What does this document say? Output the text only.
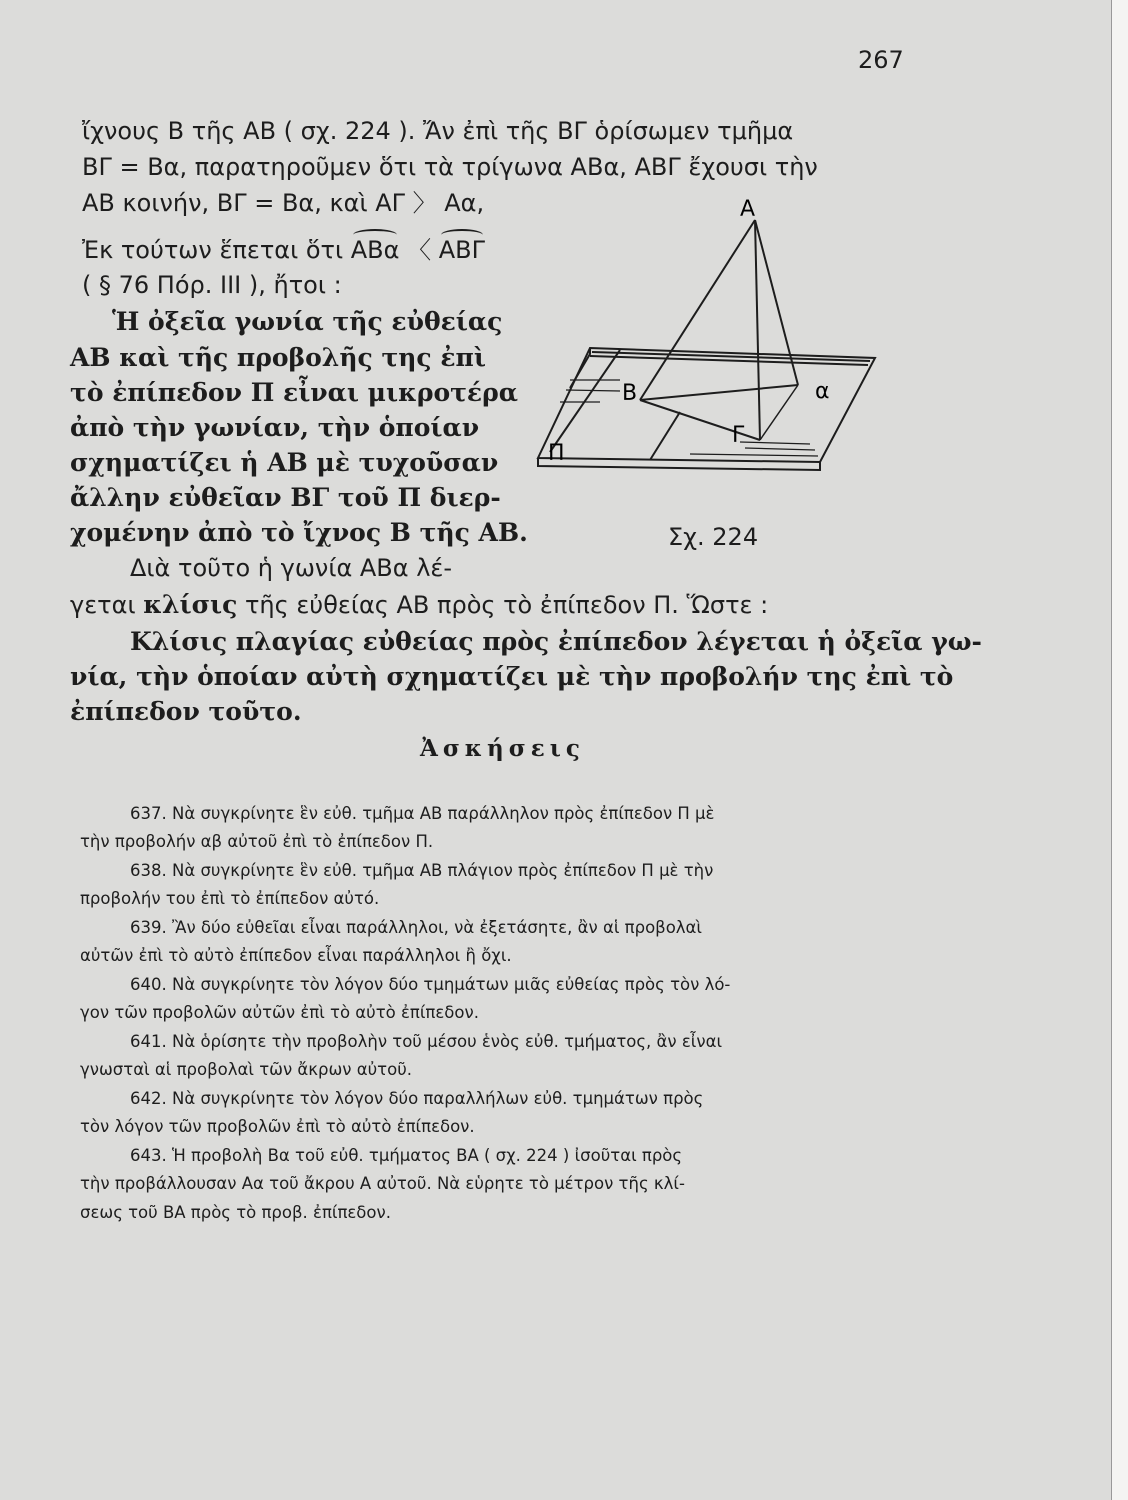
267
ἴχνους Β τῆς ΑΒ ( σχ. 224 ). Ἄν ἐπὶ τῆς ΒΓ ὁρίσωμεν τμῆμα
ΒΓ = Βα, παρατηροῦμεν ὅτι τὰ τρίγωνα ΑΒα, ΑΒΓ ἔχουσι τὴν
ΑΒ κοινήν, ΒΓ = Βα, καὶ ΑΓ 〉 Αα,
Ἐκ τούτων ἕπεται ὅτι ΑΒα 〈 ΑΒΓ
( § 76 Πόρ. ΙΙΙ ), ἤτοι :
Ἡ ὀξεῖα γωνία τῆς εὐθείας
ΑΒ καὶ τῆς προβολῆς της ἐπὶ
τὸ ἐπίπεδον Π εἶναι μικροτέρα
ἀπὸ τὴν γωνίαν, τὴν ὁποίαν
σχηματίζει ἡ ΑΒ μὲ τυχοῦσαν
ἄλλην εὐθεῖαν ΒΓ τοῦ Π διερ-
χομένην ἀπὸ τὸ ἴχνος Β τῆς ΑΒ.
Διὰ τοῦτο ἡ γωνία ΑΒα λέ-
γεται κλίσις τῆς εὐθείας ΑΒ πρὸς τὸ ἐπίπεδον Π. Ὥστε :
Κλίσις πλαγίας εὐθείας πρὸς ἐπίπεδον λέγεται ἡ ὀξεῖα γω-
νία, τὴν ὁποίαν αὐτὴ σχηματίζει μὲ τὴν προβολήν της ἐπὶ τὸ
ἐπίπεδον τοῦτο.
Α
Β	α
Γ
Π
Σχ. 224
Ἀσκήσεις
637. Νὰ συγκρίνητε ἓν εὐθ. τμῆμα ΑΒ παράλληλον πρὸς ἐπίπεδον Π μὲ
τὴν προβολήν αβ αὐτοῦ ἐπὶ τὸ ἐπίπεδον Π.
638. Νὰ συγκρίνητε ἓν εὐθ. τμῆμα ΑΒ πλάγιον πρὸς ἐπίπεδον Π μὲ τὴν
προβολήν του ἐπὶ τὸ ἐπίπεδον αὐτό.
639. Ἂν δύο εὐθεῖαι εἶναι παράλληλοι, νὰ ἐξετάσητε, ἂν αἱ προβολαὶ
αὐτῶν ἐπὶ τὸ αὐτὸ ἐπίπεδον εἶναι παράλληλοι ἢ ὄχι.
640. Νὰ συγκρίνητε τὸν λόγον δύο τμημάτων μιᾶς εὐθείας πρὸς τὸν λό-
γον τῶν προβολῶν αὐτῶν ἐπὶ τὸ αὐτὸ ἐπίπεδον.
641. Νὰ ὁρίσητε τὴν προβολὴν τοῦ μέσου ἑνὸς εὐθ. τμήματος, ἂν εἶναι
γνωσταὶ αἱ προβολαὶ τῶν ἄκρων αὐτοῦ.
642. Νὰ συγκρίνητε τὸν λόγον δύο παραλλήλων εὐθ. τμημάτων πρὸς
τὸν λόγον τῶν προβολῶν ἐπὶ τὸ αὐτὸ ἐπίπεδον.
643. Ἡ προβολὴ Βα τοῦ εὐθ. τμήματος ΒΑ ( σχ. 224 ) ἰσοῦται πρὸς
τὴν προβάλλουσαν Αα τοῦ ἄκρου Α αὐτοῦ. Νὰ εὑρητε τὸ μέτρον τῆς κλί-
σεως τοῦ ΒΑ πρὸς τὸ προβ. ἐπίπεδον.
